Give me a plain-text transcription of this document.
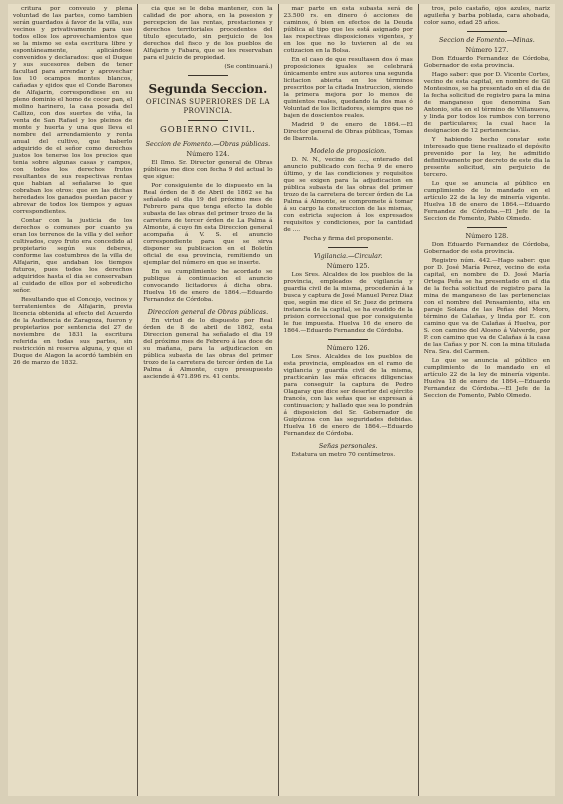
critura por conveuio y plena voluntad de las partes, como tambien serán guardados á favor de la villa, sus vecinos y privativamente para uso todos ellos los aprovechamientos que se la mismo se esta escritura libre y espontáneamente, aplicándose convenidos y declarados: que el Duque y sus sucesores deben de tener facultad para arrendar y aprovechar los 10 ocampos montes blancos, cañadas y ejidos que el Conde Barones de Alfajarin, correspondiese en su pleno dominio el homo de cocer pan, el molino harinero, la casa posada del Callizo, con dos suertes de viña, la venta de San Rafael y los pleinos de monte y huerta y una que lleva el nombre del arrendamiento y renta anual del cultivo, que haberlo adquirido de el señor como derechos justos los tenerse los los precios que tenia sobre algunas casas y campos, con todos los derechos frutos resultantes de sus respectivas rentas que habian al señalarse lo que cobraban los otros: que en las dichas heredades los ganados puedan pacer y abrevar de todos los tiempos y aguas correspondientes.

Contar con la justicia de los derechos o comunes por cuanto ya eran los terrenos de la villa y del señor cultivados, cuyo fruto era concedido al propietario según sus deberes, conforme las costumbres de la villa de Alfajarin, que andaban los tiempos futuros, pues todos los derechos adquiridos hasta el dia se conservaban al cuidado de ellos por el sobredicho señor.

Resultando que el Concejo, vecinos y terratenientes de Alfajarin, previa licencia obtenida al efecto del Acuerdo de la Audiencia de Zaragoza, fueron y propietarios por sentencia del 27 de noviembre de 1831 la escritura referida en todas sus partes, sin restricción ni reserva alguna, y que el Duque de Alagon la acordó también en 26 de marzo de 1832.

cia que se le deba mantener, con la calidad de por ahora, en la posesion y percepcion de las rentas, prestaciones y derechos territoriales procedentes del título ejecutado, sin perjuicio de los derechos del fisco y de los pueblos de Alfajarin y Fabara, que se les reservaban para el juicio de propiedad.

(Se continuará.)

Segunda Seccion.

OFICINAS SUPERIORES DE LA PROVINCIA.

GOBIERNO CIVIL.

Seccion de Fomento.—Obras públicas.

Número 124.

El Ilmo. Sr. Director general de Obras públicas me dice con fecha 9 del actual lo que sigue:

Por consiguiente de lo dispuesto en la Real órden de 8 de Abril de 1862 se ha señalado el dia 19 del próximo mes de Febrero para que tenga efecto la doble subasta de las obras del primer trozo de la carretera de tercer órden de La Palma á Almonte, á cuyo fin esta Direccion general acompaña á V. S. el anuncio correspondiente para que se sirva disponer su publicacion en el Boletín oficial de esa provincia, remitiendo un ejemplar del número en que se inserte.

En su cumplimiento he acordado se publique á continuacion el anuncio convocando licitadores á dicha obra. Huelva 16 de enero de 1864.—Eduardo Fernandez de Córdoba.

Direccion general de Obras públicas.

En virtud de lo dispuesto por Real órden de 8 de abril de 1862, esta Direccion general ha señalado el dia 19 del próximo mes de Febrero á las doce de su mañana, para la adjudicacion en pública subasta de las obras del primer trozo de la carretera de tercer órden de La Palma á Almonte, cuyo presupuesto asciende á 471.896 rs. 41 cents.

mar parte en esta subasta será de 23.500 rs. en dinero ó acciones de caminos, ó bien en efectos de la Deuda pública al tipo que les está asignado por las respectivas disposiciones vigentes, y en los que no lo tuvieren al de su cotizacion en la Bolsa.

En el caso de que resultasen dos ó mas proposiciones iguales se celebrará únicamente entre sus autores una segunda licitacion abierta en los términos prescritos por la citada Instruccion, siendo la primera mejora por lo menos de quinientos reales, quedando la dos mas ó Voluntad de los licitadores, siempre que no bajen de doscientos reales.

Madrid 9 de enero de 1864.—El Director general de Obras públicas, Tomas de Ibarrola.

Modelo de proposicion.

D. N. N., vecino de ...., enterado del anuncio publicado con fecha 9 de enero último, y de las condiciones y requisitos que se exigen para la adjudicacion en pública subasta de las obras del primer trozo de la carretera de tercer órden de La Palma á Almonte, se compromete á tomar á su cargo la construccion de las mismas, con estricta sujecion á los expresados requisitos y condiciones, por la cantidad de ....

Fecha y firma del proponente.

Vigilancia.—Circular.

Número 125.

Los Sres. Alcaldes de los pueblos de la provincia, empleados de vigilancia y guardia civil de la misma, procederán á la busca y captura de José Manuel Perez Diaz que, según me dice el Sr. Juez de primera instancia de la capital, se ha evadido de la prision correccional que por consiguiente le fue impuesta. Huelva 16 de enero de 1864.—Eduardo Fernandez de Córdoba.

Número 126.

Los Sres. Alcaldes de los pueblos de esta provincia, empleados en el ramo de vigilancia y guardia civil de la misma, practicarán las más eficaces diligencias para conseguir la captura de Pedro Olagaray que dice ser desertor del ejército francés, con las señas que se expresan á continuacion; y hallado que sea lo pondrán á disposicion del Sr. Gobernador de Guipúzcoa con las seguridades debidas. Huelva 16 de enero de 1864.—Eduardo Fernandez de Córdoba.

Señas personales.

Estatura un metro 70 centímetros.

tros, pelo castaño, ojos azules, nariz aguileña y barba poblada, cara ahobada, color sano, edad 25 años.

Seccion de Fomento.—Minas.

Número 127.

Don Eduardo Fernandez de Córdoba, Gobernador de esta provincia.

Hago saber: que por D. Vicente Cortes, vecino de esta capital, en nombre de Gil Montesinos, se ha presentado en el dia de la fecha solicitud de registro para la mina de manganeso que denomina San Antonio, sita en el término de Villanueva, y linda por todos los rumbos con terreno de particulares; la cual hace la designacion de 12 pertenencias.

Y habiendo hecho constar este interesado que tiene realizado el depósito prevenido por la ley, he admitido definitivamente por decreto de este dia la presente solicitud, sin perjuicio de tercero.

Lo que se anuncia al público en cumplimiento de lo mandado en el artículo 22 de la ley de minería vigente. Huelva 18 de enero de 1864.—Eduardo Fernandez de Córdoba.—El Jefe de la Seccion de Fomento, Pablo Olmedo.

Número 128.

Don Eduardo Fernandez de Córdoba, Gobernador de esta provincia.

Registro núm. 442.—Hago saber: que por D. José María Perez, vecino de esta capital, en nombre de D. José María Ortega Peña se ha presentado en el dia de la fecha solicitud de registro para la mina de manganeso de las pertenencias con el nombre del Pensamiento, sita en paraje Solana de las Peñas del Moro, término de Calañas, y linda por E. con camino que va de Calañas á Huelva, por S. con camino del Alosno á Valverde, por P. con camino que va de Calañas á la casa de las Cañas y por N. con la mina titulada Nra. Sra. del Carmen.

Lo que se anuncia al público en cumplimiento de lo mandado en el artículo 22 de la ley de minería vigente. Huelva 18 de enero de 1864.—Eduardo Fernandez de Córdoba.—El Jefe de la Seccion de Fomento, Pablo Olmedo.
